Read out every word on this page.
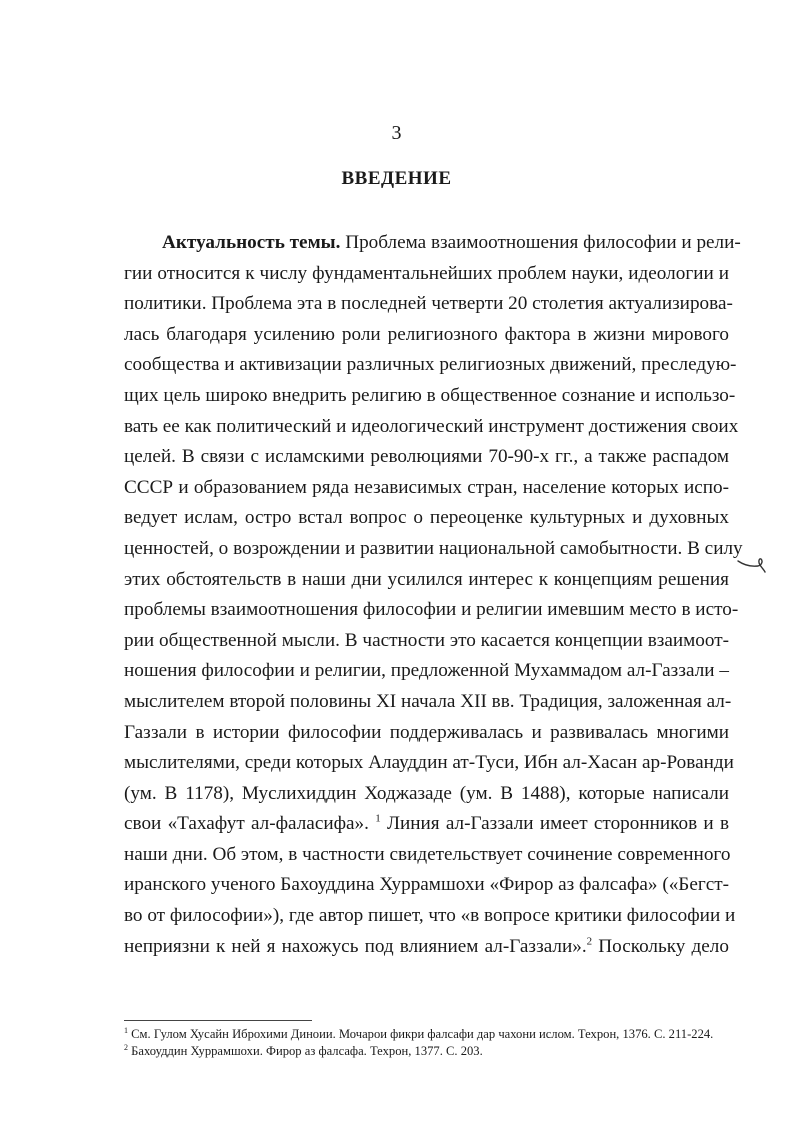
3
ВВЕДЕНИЕ
Актуальность темы. Проблема взаимоотношения философии и рели-
гии относится к числу фундаментальнейших проблем науки, идеологии и
политики. Проблема эта в последней четверти 20 столетия актуализирова-
лась благодаря усилению роли религиозного фактора в жизни мирового
сообщества и активизации различных религиозных движений, преследую-
щих цель широко внедрить религию в общественное сознание и использо-
вать ее как политический и идеологический инструмент достижения своих
целей. В связи с исламскими революциями 70-90-х гг., а также распадом
СССР и образованием ряда независимых стран, население которых испо-
ведует ислам, остро встал вопрос о переоценке культурных и духовных
ценностей, о возрождении и развитии национальной самобытности. В силу
этих обстоятельств в наши дни усилился интерес к концепциям решения
проблемы взаимоотношения философии и религии имевшим место в исто-
рии общественной мысли. В частности это касается концепции взаимоот-
ношения философии и религии, предложенной Мухаммадом ал-Газзали –
мыслителем второй половины XI начала XII вв. Традиция, заложенная ал-
Газзали в истории философии поддерживалась и развивалась многими
мыслителями, среди которых Алауддин ат-Туси, Ибн ал-Хасан ар-Рованди
(ум. В 1178), Муслихиддин Ходжазаде (ум. В 1488), которые написали
свои «Тахафут ал-фаласифа». $^1$ Линия ал-Газзали имеет сторонников и в
наши дни. Об этом, в частности свидетельствует сочинение современного
иранского ученого Бахоуддина Хуррамшохи «Фирор аз фалсафа» («Бегст-
во от философии»), где автор пишет, что «в вопросе критики философии и
неприязни к ней я нахожусь под влиянием ал-Газзали».$^2$ Поскольку дело
$^1$ См. Гулом Хусайн Иброхими Диноии. Мочарои фикри фалсафи дар чахони ислом. Техрон, 1376. С. 211-224.
$^2$ Бахоуддин Хуррамшохи. Фирор аз фалсафа. Техрон, 1377. С. 203.
